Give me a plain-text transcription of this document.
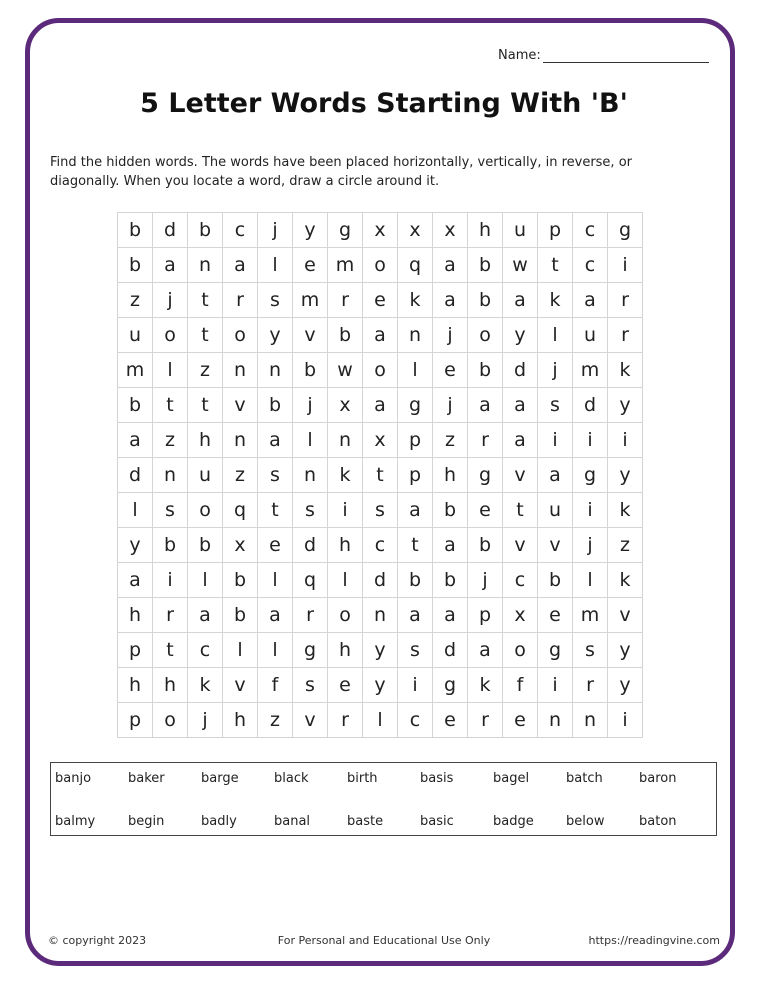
Name:
5 Letter Words Starting With 'B'
Find the hidden words. The words have been placed horizontally, vertically, in reverse, or diagonally. When you locate a word, draw a circle around it.
b	d	b	c	j	y	g	x	x	x	h	u	p	c	g
b	a	n	a	l	e	m	o	q	a	b	w	t	c	i
z	j	t	r	s	m	r	e	k	a	b	a	k	a	r
u	o	t	o	y	v	b	a	n	j	o	y	l	u	r
m	l	z	n	n	b	w	o	l	e	b	d	j	m	k
b	t	t	v	b	j	x	a	g	j	a	a	s	d	y
a	z	h	n	a	l	n	x	p	z	r	a	i	i	i
d	n	u	z	s	n	k	t	p	h	g	v	a	g	y
l	s	o	q	t	s	i	s	a	b	e	t	u	i	k
y	b	b	x	e	d	h	c	t	a	b	v	v	j	z
a	i	l	b	l	q	l	d	b	b	j	c	b	l	k
h	r	a	b	a	r	o	n	a	a	p	x	e	m	v
p	t	c	l	l	g	h	y	s	d	a	o	g	s	y
h	h	k	v	f	s	e	y	i	g	k	f	i	r	y
p	o	j	h	z	v	r	l	c	e	r	e	n	n	i
banjo	baker	barge	black	birth	basis	bagel	batch	baron
balmy	begin	badly	banal	baste	basic	badge	below	baton
© copyright 2023	For Personal and Educational Use Only	https://readingvine.com
